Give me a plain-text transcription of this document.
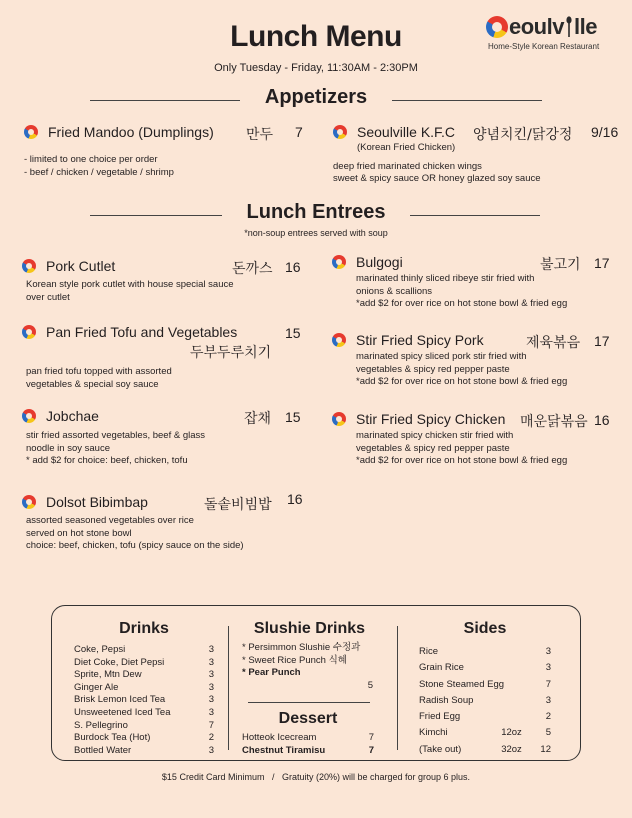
Lunch Menu
Only Tuesday - Friday, 11:30AM - 2:30PM
eoulv lle
Home-Style Korean Restaurant
Appetizers
Fried Mandoo (Dumplings) 만두 7
- limited to one choice per order
- beef / chicken / vegetable / shrimp
Seoulville K.F.C 양념치킨/닭강정 9/16
(Korean Fried Chicken)
deep fried marinated chicken wings
sweet & spicy sauce OR honey glazed soy sauce
Lunch Entrees
*non-soup entrees served with soup
Pork Cutlet	돈까스 16
Korean style pork cutlet with house special sauce
over cutlet
Pan Fried Tofu and Vegetables	15
두부두루치기
pan fried tofu topped with assorted
vegetables & special soy sauce
Jobchae	잡채 15
stir fried assorted vegetables, beef & glass
noodle in soy sauce
* add $2 for choice: beef, chicken, tofu
Dolsot Bibimbap	돌솥비빔밥 16
assorted seasoned vegetables over rice
served on hot stone bowl
choice: beef, chicken, tofu (spicy sauce on the side)
Bulgogi	불고기 17
marinated thinly sliced ribeye stir fried with
onions & scallions
*add $2 for over rice on hot stone bowl & fried egg
Stir Fried Spicy Pork	제육볶음 17
marinated spicy sliced pork stir fried with
vegetables & spicy red pepper paste
*add $2 for over rice on hot stone bowl & fried egg
Stir Fried Spicy Chicken 매운닭볶음 16
marinated spicy chicken stir fried with
vegetables & spicy red pepper paste
*add $2 for over rice on hot stone bowl & fried egg
Drinks
Coke, Pepsi	3
Diet Coke, Diet Pepsi	3
Sprite, Mtn Dew	3
Ginger Ale	3
Brisk Lemon Iced Tea	3
Unsweetened Iced Tea	3
S. Pellegrino	7
Burdock Tea (Hot)	2
Bottled Water	3
Slushie Drinks
* Persimmon Slushie 수정과
* Sweet Rice Punch 식혜
* Pear Punch
5
Dessert
Hotteok Icecream	7
Chestnut Tiramisu	7
Sides
Rice	3
Grain Rice	3
Stone Steamed Egg	7
Radish Soup	3
Fried Egg	2
Kimchi	12oz	5
(Take out)	32oz	12
$15 Credit Card Minimum   /   Gratuity (20%) will be charged for group 6 plus.
